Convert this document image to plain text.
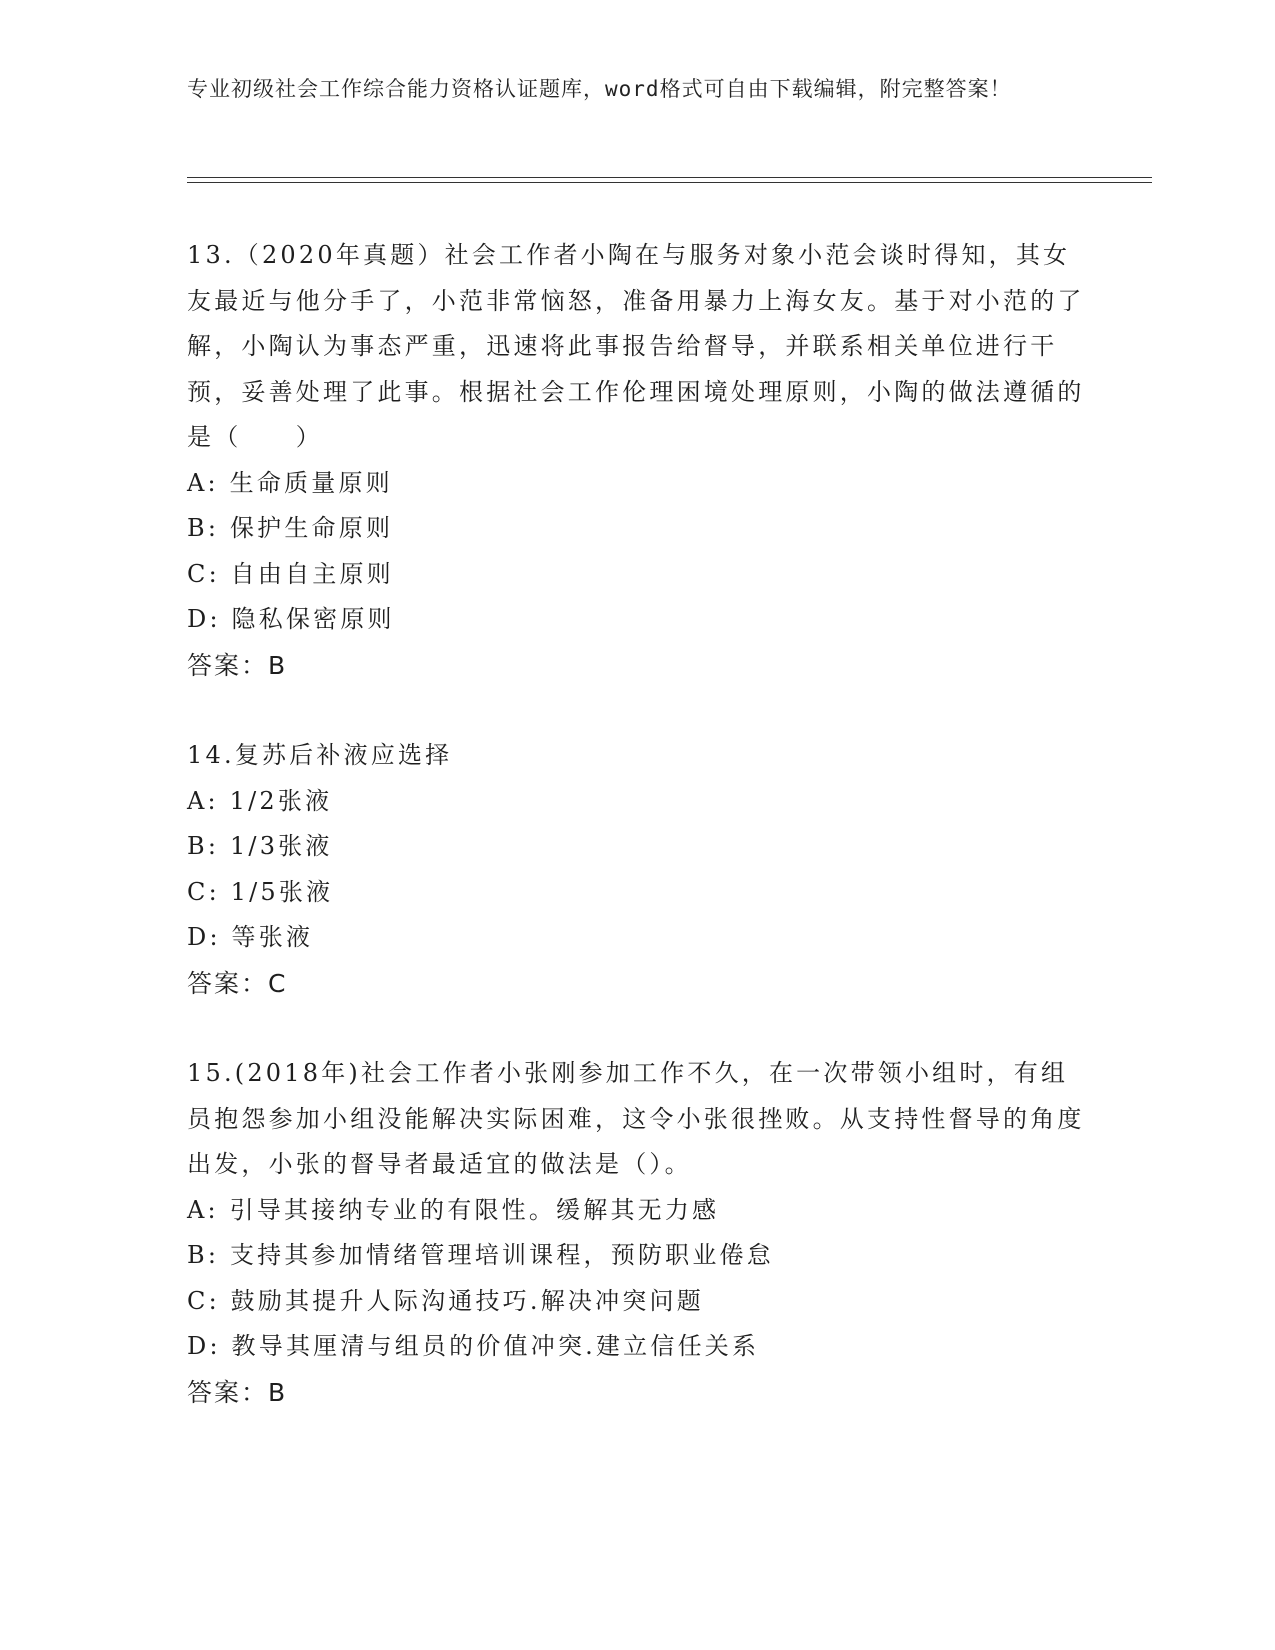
专业初级社会工作综合能力资格认证题库，word格式可自由下载编辑，附完整答案！

13.（2020年真题）社会工作者小陶在与服务对象小范会谈时得知，其女友最近与他分手了，小范非常恼怒，准备用暴力上海女友。基于对小范的了解，小陶认为事态严重，迅速将此事报告给督导，并联系相关单位进行干预，妥善处理了此事。根据社会工作伦理困境处理原则，小陶的做法遵循的是（　　）

A: 生命质量原则

B: 保护生命原则

C: 自由自主原则

D: 隐私保密原则

答案：B

14.复苏后补液应选择

A: 1/2张液

B: 1/3张液

C: 1/5张液

D: 等张液

答案：C

15.(2018年)社会工作者小张刚参加工作不久，在一次带领小组时，有组员抱怨参加小组没能解决实际困难，这令小张很挫败。从支持性督导的角度出发，小张的督导者最适宜的做法是（）。

A: 引导其接纳专业的有限性。缓解其无力感

B: 支持其参加情绪管理培训课程，预防职业倦怠

C: 鼓励其提升人际沟通技巧.解决冲突问题

D: 教导其厘清与组员的价值冲突.建立信任关系

答案：B
